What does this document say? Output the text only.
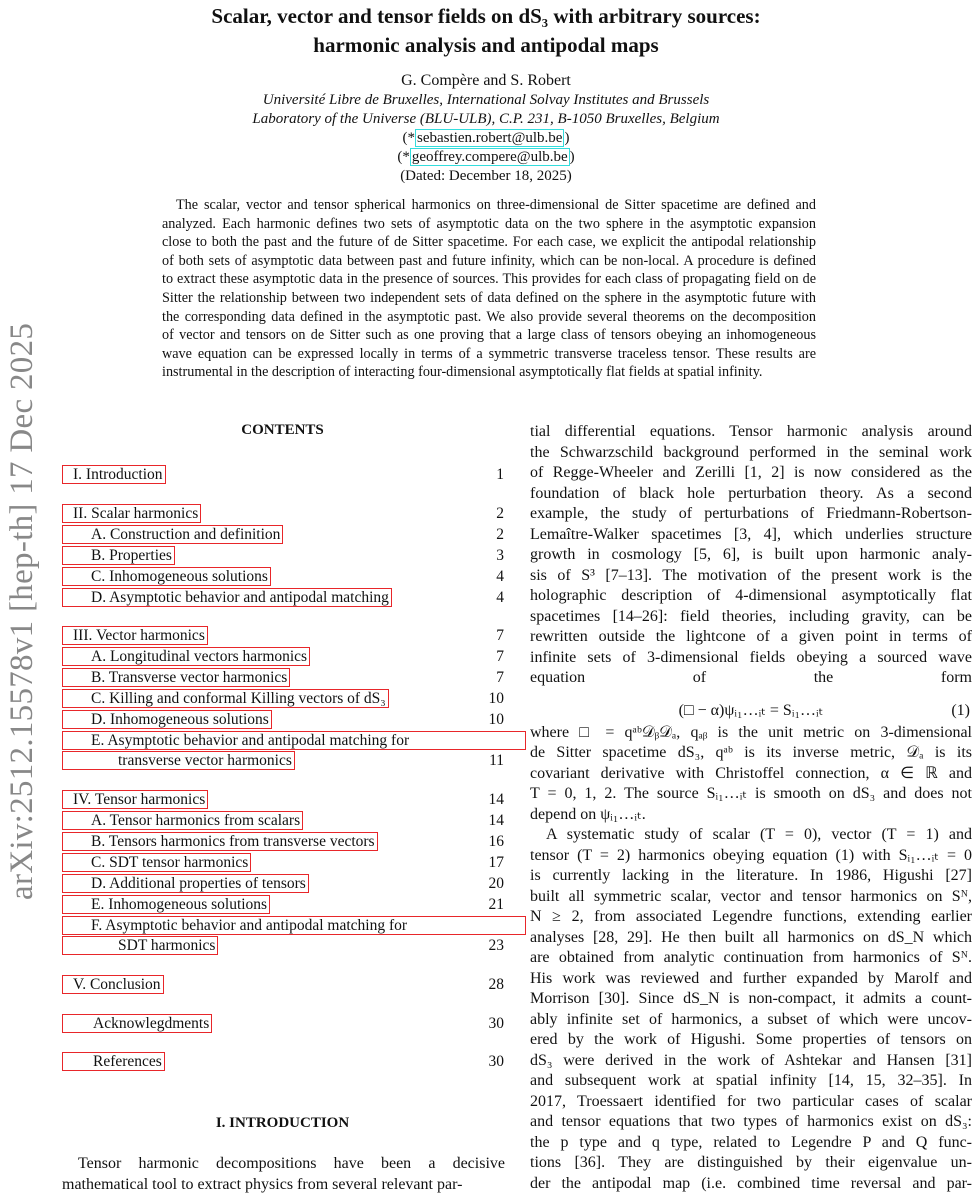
arXiv:2512.15578v1 [hep-th] 17 Dec 2025
Scalar, vector and tensor fields on dS₃ with arbitrary sources:
harmonic analysis and antipodal maps
G. Compère and S. Robert
Université Libre de Bruxelles, International Solvay Institutes and Brussels
Laboratory of the Universe (BLU-ULB), C.P. 231, B-1050 Bruxelles, Belgium
(* sebastien.robert@ulb.be )
(* geoffrey.compere@ulb.be )
(Dated: December 18, 2025)
The scalar, vector and tensor spherical harmonics on three-dimensional de Sitter spacetime are defined and
analyzed. Each harmonic defines two sets of asymptotic data on the two sphere in the asymptotic expansion
close to both the past and the future of de Sitter spacetime. For each case, we explicit the antipodal relationship
of both sets of asymptotic data between past and future infinity, which can be non-local. A procedure is defined
to extract these asymptotic data in the presence of sources. This provides for each class of propagating field on de
Sitter the relationship between two independent sets of data defined on the sphere in the asymptotic future with
the corresponding data defined in the asymptotic past. We also provide several theorems on the decomposition
of vector and tensors on de Sitter such as one proving that a large class of tensors obeying an inhomogeneous
wave equation can be expressed locally in terms of a symmetric transverse traceless tensor. These results are
instrumental in the description of interacting four-dimensional asymptotically flat fields at spatial infinity.
CONTENTS
I. Introduction	1
II. Scalar harmonics	2
A. Construction and definition	2
B. Properties	3
C. Inhomogeneous solutions	4
D. Asymptotic behavior and antipodal matching	4
III. Vector harmonics	7
A. Longitudinal vectors harmonics	7
B. Transverse vector harmonics	7
C. Killing and conformal Killing vectors of dS₃	10
D. Inhomogeneous solutions	10
E. Asymptotic behavior and antipodal matching for
transverse vector harmonics	11
IV. Tensor harmonics	14
A. Tensor harmonics from scalars	14
B. Tensors harmonics from transverse vectors	16
C. SDT tensor harmonics	17
D. Additional properties of tensors	20
E. Inhomogeneous solutions	21
F. Asymptotic behavior and antipodal matching for
SDT harmonics	23
V. Conclusion	28
Acknowlegdments	30
References	30
I. INTRODUCTION
Tensor harmonic decompositions have been a decisive
mathematical tool to extract physics from several relevant par-
tial differential equations. Tensor harmonic analysis around
the Schwarzschild background performed in the seminal work
of Regge-Wheeler and Zerilli [1, 2] is now considered as the
foundation of black hole perturbation theory. As a second
example, the study of perturbations of Friedmann-Robertson-
Lemaître-Walker spacetimes [3, 4], which underlies structure
growth in cosmology [5, 6], is built upon harmonic analy-
sis of S³ [7–13]. The motivation of the present work is the
holographic description of 4-dimensional asymptotically flat
spacetimes [14–26]: field theories, including gravity, can be
rewritten outside the lightcone of a given point in terms of
infinite sets of 3-dimensional fields obeying a sourced wave
equation of the form
(□ − α)ψᵢ₁…ᵢₜ = Sᵢ₁…ᵢₜ	(1)
where □ = qᵃᵇ𝒟ᵦ𝒟ₐ, qₐᵦ is the unit metric on 3-dimensional
de Sitter spacetime dS₃, qᵃᵇ is its inverse metric, 𝒟ₐ is its
covariant derivative with Christoffel connection, α ∈ ℝ and
T = 0, 1, 2. The source Sᵢ₁…ᵢₜ is smooth on dS₃ and does not
depend on ψᵢ₁…ᵢₜ.
A systematic study of scalar (T = 0), vector (T = 1) and
tensor (T = 2) harmonics obeying equation (1) with Sᵢ₁…ᵢₜ = 0
is currently lacking in the literature. In 1986, Higushi [27]
built all symmetric scalar, vector and tensor harmonics on Sᴺ,
N ≥ 2, from associated Legendre functions, extending earlier
analyses [28, 29]. He then built all harmonics on dS_N which
are obtained from analytic continuation from harmonics of Sᴺ.
His work was reviewed and further expanded by Marolf and
Morrison [30]. Since dS_N is non-compact, it admits a count-
ably infinite set of harmonics, a subset of which were uncov-
ered by the work of Higushi. Some properties of tensors on
dS₃ were derived in the work of Ashtekar and Hansen [31]
and subsequent work at spatial infinity [14, 15, 32–35]. In
2017, Troessaert identified for two particular cases of scalar
and tensor equations that two types of harmonics exist on dS₃:
the p type and q type, related to Legendre P and Q func-
tions [36]. They are distinguished by their eigenvalue un-
der the antipodal map (i.e. combined time reversal and par-
